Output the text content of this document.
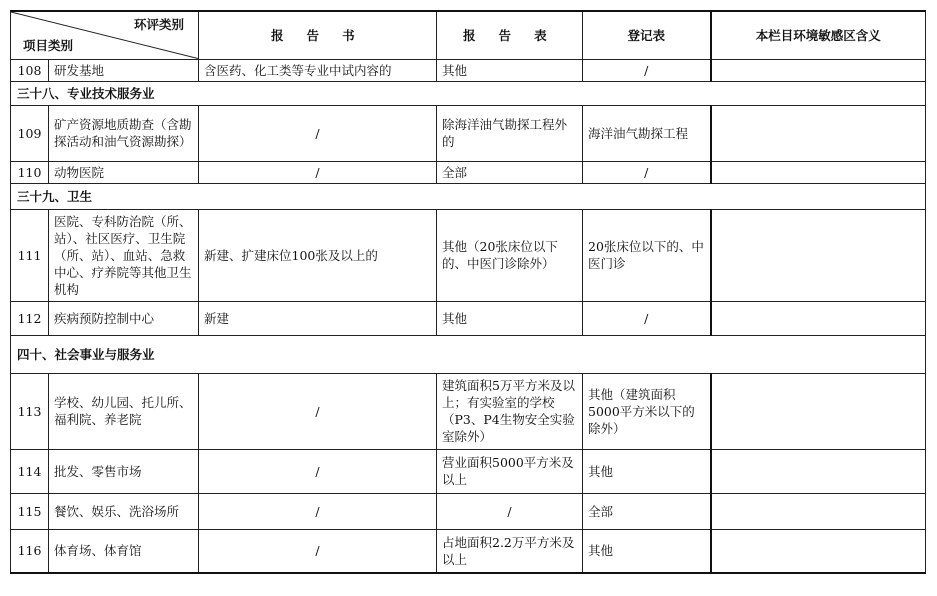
环评类别
项目类别		报 告 书	报 告 表	登记表	本栏目环境敏感区含义
108	研发基地	含医药、化工类等专业中试内容的	其他	/	
三十八、专业技术服务业					
109	矿产资源地质勘查（含勘探活动和油气资源勘探）	/	除海洋油气勘探工程外的	海洋油气勘探工程	
110	动物医院	/	全部	/	
三十九、卫生					
111	医院、专科防治院（所、站）、社区医疗、卫生院（所、站）、血站、急救中心、疗养院等其他卫生机构	新建、扩建床位100张及以上的	其他（20张床位以下的、中医门诊除外）	20张床位以下的、中医门诊	
112	疾病预防控制中心	新建	其他	/	
四十、社会事业与服务业					
113	学校、幼儿园、托儿所、福利院、养老院	/	建筑面积5万平方米及以上；有实验室的学校（P3、P4生物安全实验室除外）	其他（建筑面积5000平方米以下的除外）	
114	批发、零售市场	/	营业面积5000平方米及以上	其他	
115	餐饮、娱乐、洗浴场所	/	/	全部	
116	体育场、体育馆	/	占地面积2.2万平方米及以上	其他	
